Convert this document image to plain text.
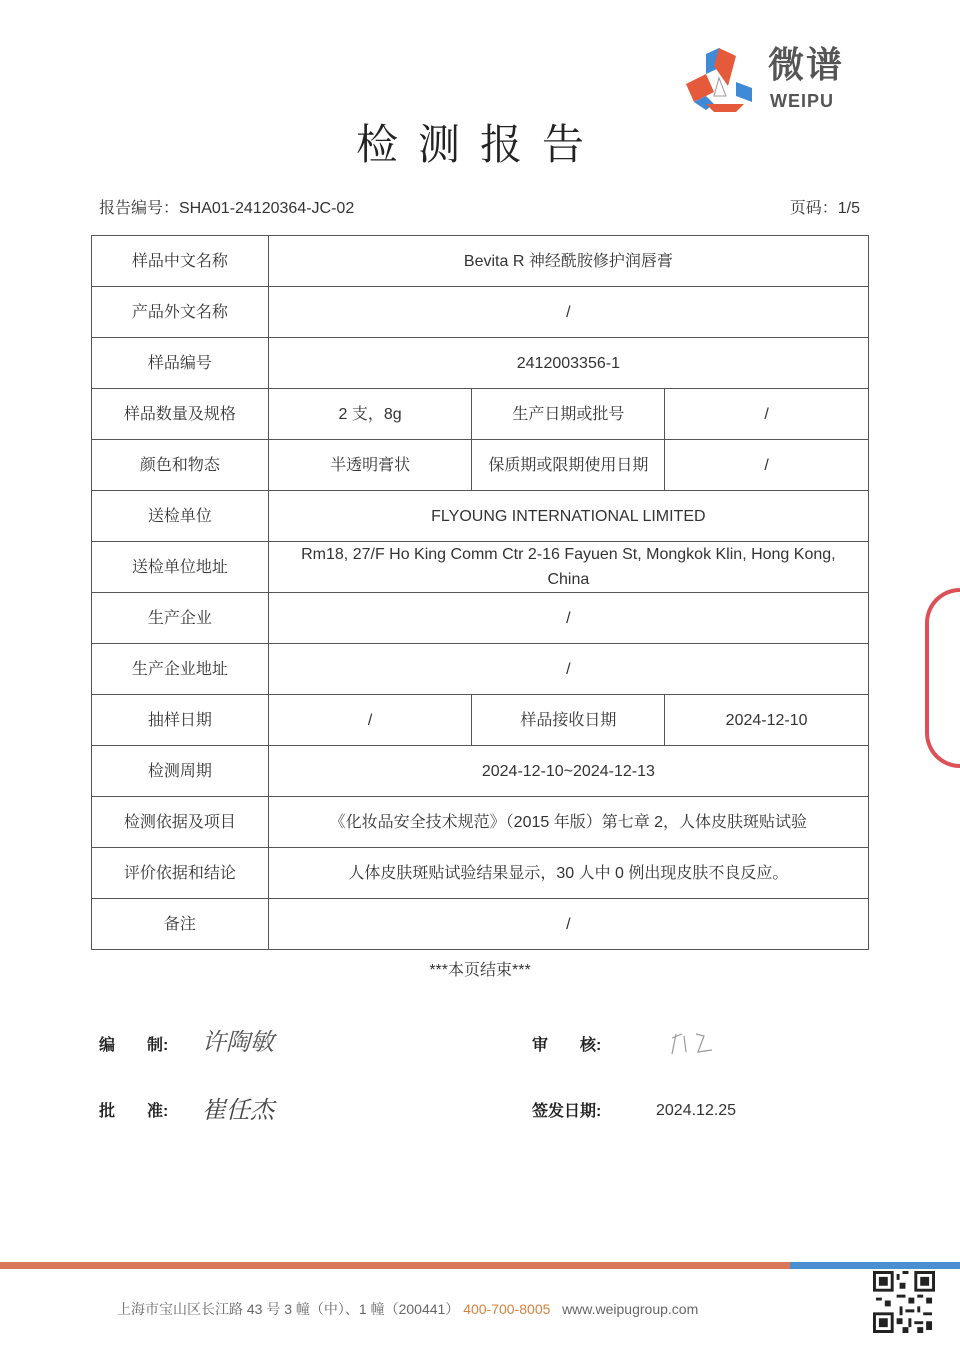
微谱
WEIPU
检测报告
报告编号：SHA01-24120364-JC-02	页码：1/5
样品中文名称	Bevita R 神经酰胺修护润唇膏		
产品外文名称	/		
样品编号	2412003356-1		
样品数量及规格	2 支，8g	生产日期或批号	/
颜色和物态	半透明膏状	保质期或限期使用日期	/
送检单位	FLYOUNG INTERNATIONAL LIMITED		
送检单位地址	Rm18, 27/F Ho King Comm Ctr 2-16 Fayuen St, Mongkok Klin, Hong Kong, China		
生产企业	/		
生产企业地址	/		
抽样日期	/	样品接收日期	2024-12-10
检测周期	2024-12-10~2024-12-13		
检测依据及项目	《化妆品安全技术规范》（2015 年版）第七章 2，人体皮肤斑贴试验		
评价依据和结论	人体皮肤斑贴试验结果显示，30 人中 0 例出现皮肤不良反应。		
备注	/		
***本页结束***
编　　制: 许陶敏	审　　核:
批　　准: 崔任杰	签发日期:	2024.12.25
上海市宝山区长江路 43 号 3 幢（中）、1 幢（200441） 400-700-8005 www.weipugroup.com
